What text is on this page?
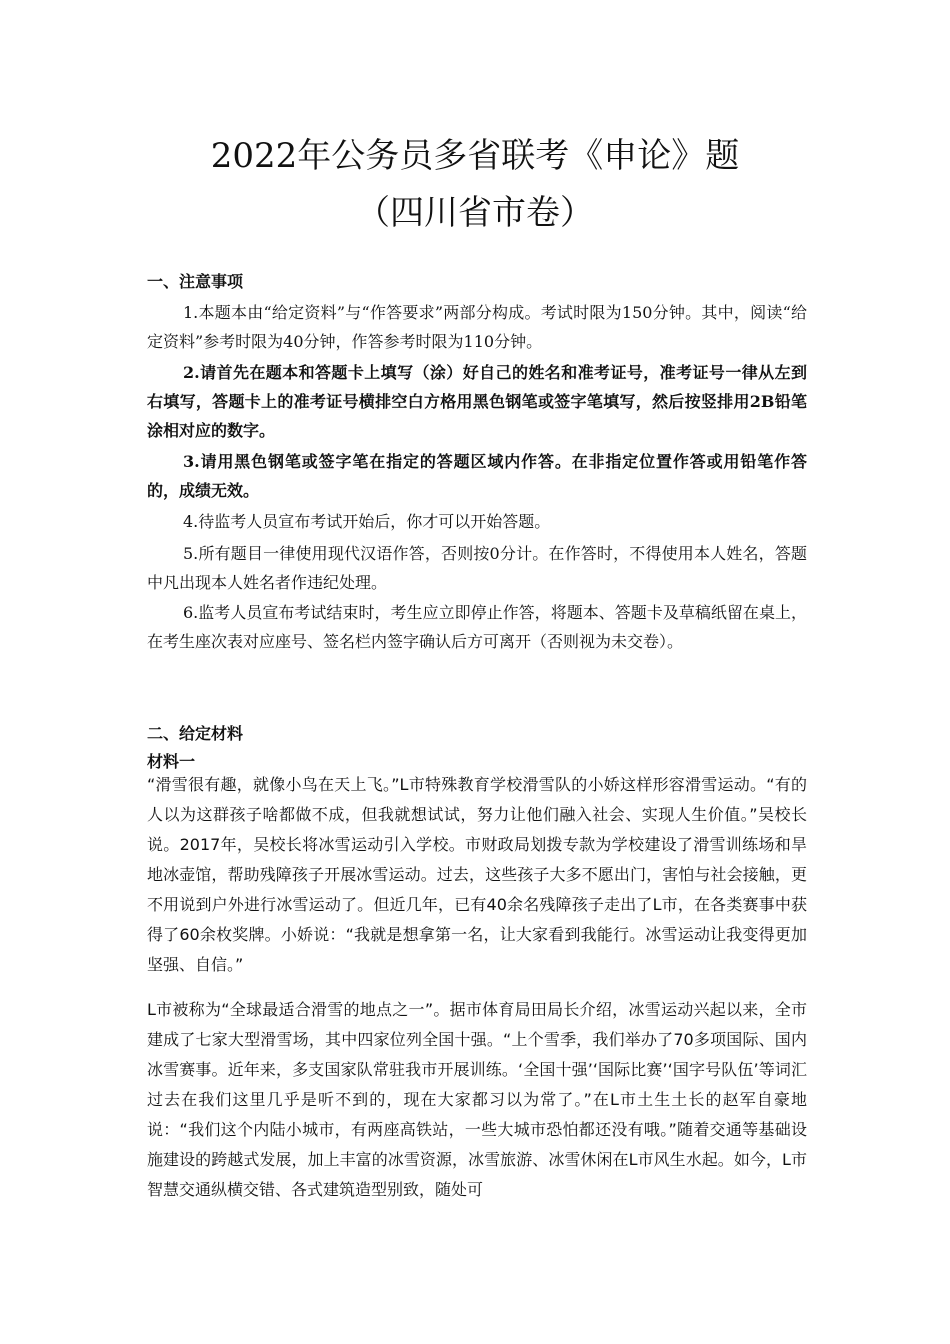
2022年公务员多省联考《申论》题
（四川省市卷）
一、注意事项

1.本题本由“给定资料”与“作答要求”两部分构成。考试时限为150分钟。其中，阅读“给定资料”参考时限为40分钟，作答参考时限为110分钟。

2.请首先在题本和答题卡上填写（涂）好自己的姓名和准考证号，准考证号一律从左到右填写，答题卡上的准考证号横排空白方格用黑色钢笔或签字笔填写，然后按竖排用2B铅笔涂相对应的数字。

3.请用黑色钢笔或签字笔在指定的答题区域内作答。在非指定位置作答或用铅笔作答的，成绩无效。

4.待监考人员宣布考试开始后，你才可以开始答题。

5.所有题目一律使用现代汉语作答，否则按0分计。在作答时，不得使用本人姓名，答题中凡出现本人姓名者作违纪处理。

6.监考人员宣布考试结束时，考生应立即停止作答，将题本、答题卡及草稿纸留在桌上，在考生座次表对应座号、签名栏内签字确认后方可离开（否则视为未交卷）。

二、给定材料
材料一

“滑雪很有趣，就像小鸟在天上飞。”L市特殊教育学校滑雪队的小娇这样形容滑雪运动。“有的人以为这群孩子啥都做不成，但我就想试试，努力让他们融入社会、实现人生价值。”吴校长说。2017年，吴校长将冰雪运动引入学校。市财政局划拨专款为学校建设了滑雪训练场和旱地冰壶馆，帮助残障孩子开展冰雪运动。过去，这些孩子大多不愿出门，害怕与社会接触，更不用说到户外进行冰雪运动了。但近几年，已有40余名残障孩子走出了L市，在各类赛事中获得了60余枚奖牌。小娇说：“我就是想拿第一名，让大家看到我能行。冰雪运动让我变得更加坚强、自信。”

L市被称为“全球最适合滑雪的地点之一”。据市体育局田局长介绍，冰雪运动兴起以来，全市建成了七家大型滑雪场，其中四家位列全国十强。“上个雪季，我们举办了70多项国际、国内冰雪赛事。近年来，多支国家队常驻我市开展训练。‘全国十强’‘国际比赛’‘国字号队伍’等词汇过去在我们这里几乎是听不到的，现在大家都习以为常了。”在L市土生土长的赵军自豪地说：“我们这个内陆小城市，有两座高铁站，一些大城市恐怕都还没有哦。”随着交通等基础设施建设的跨越式发展，加上丰富的冰雪资源，冰雪旅游、冰雪休闲在L市风生水起。如今，L市智慧交通纵横交错、各式建筑造型别致，随处可
